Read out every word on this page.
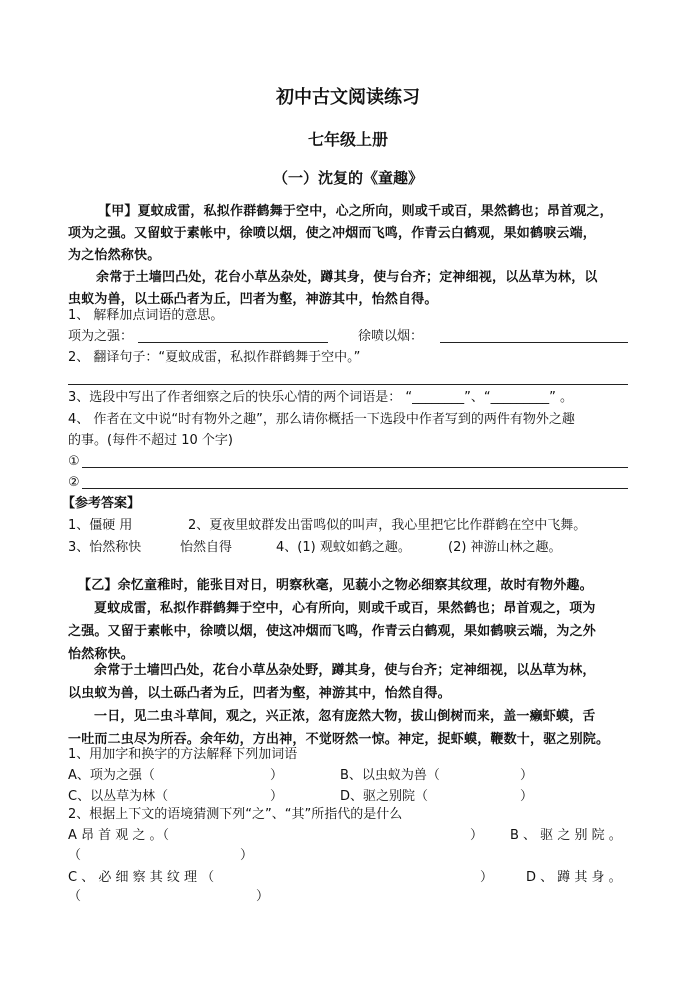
初中古文阅读练习
七年级上册
（一）沈复的《童趣》
【甲】夏蚊成雷，私拟作群鹤舞于空中，心之所向，则或千或百，果然鹤也；昂首观之，
项为之强。又留蚊于素帐中，徐喷以烟，使之冲烟而飞鸣，作青云白鹤观，果如鹤唳云端，
为之怡然称快。
余常于土墙凹凸处，花台小草丛杂处，蹲其身，使与台齐；定神细视，以丛草为林，以
虫蚁为兽，以土砾凸者为丘，凹者为壑，神游其中，怡然自得。
1、 解释加点词语的意思。
项为之强：	徐喷以烟：
2、 翻译句子：“夏蚊成雷，私拟作群鹤舞于空中。”
3、选段中写出了作者细察之后的快乐心情的两个词语是： “________”、“_________” 。
4、 作者在文中说“时有物外之趣”，那么请你概括一下选段中作者写到的两件有物外之趣
的事。(每件不超过 10 个字)
①
②
【参考答案】
1、僵硬 用	2、夏夜里蚊群发出雷鸣似的叫声，我心里把它比作群鹤在空中飞舞。
3、怡然称快	怡然自得	4、(1) 观蚊如鹤之趣。	(2) 神游山林之趣。
【乙】余忆童稚时，能张目对日，明察秋毫，见藐小之物必细察其纹理，故时有物外趣。
夏蚊成雷，私拟作群鹤舞于空中，心有所向，则或千或百，果然鹤也；昂首观之，项为
之强。又留于素帐中，徐喷以烟，使这冲烟而飞鸣，作青云白鹤观，果如鹤唳云端，为之外
怡然称快。
余常于土墙凹凸处，花台小草丛杂处野，蹲其身，使与台齐；定神细视，以丛草为林，
以虫蚁为兽，以土砾凸者为丘，凹者为壑，神游其中，怡然自得。
一日，见二虫斗草间，观之，兴正浓，忽有庞然大物，拔山倒树而来，盖一癞虾蟆，舌
一吐而二虫尽为所吞。余年幼，方出神，不觉呀然一惊。神定，捉虾蟆，鞭数十，驱之别院。
1、用加字和换字的方法解释下列加词语
A、项为之强（	）	B、以虫蚁为兽（	）
C、以丛草为林（	）	D、驱之别院（	）
2、根据上下文的语境猜测下列“之”、“其”所指代的是什么
A 昂 首 观 之 。（	） B 、 驱 之 别 院 。
（	）
C 、 必 细 察 其 纹 理 （	）	D 、 蹲 其 身 。
（	）
